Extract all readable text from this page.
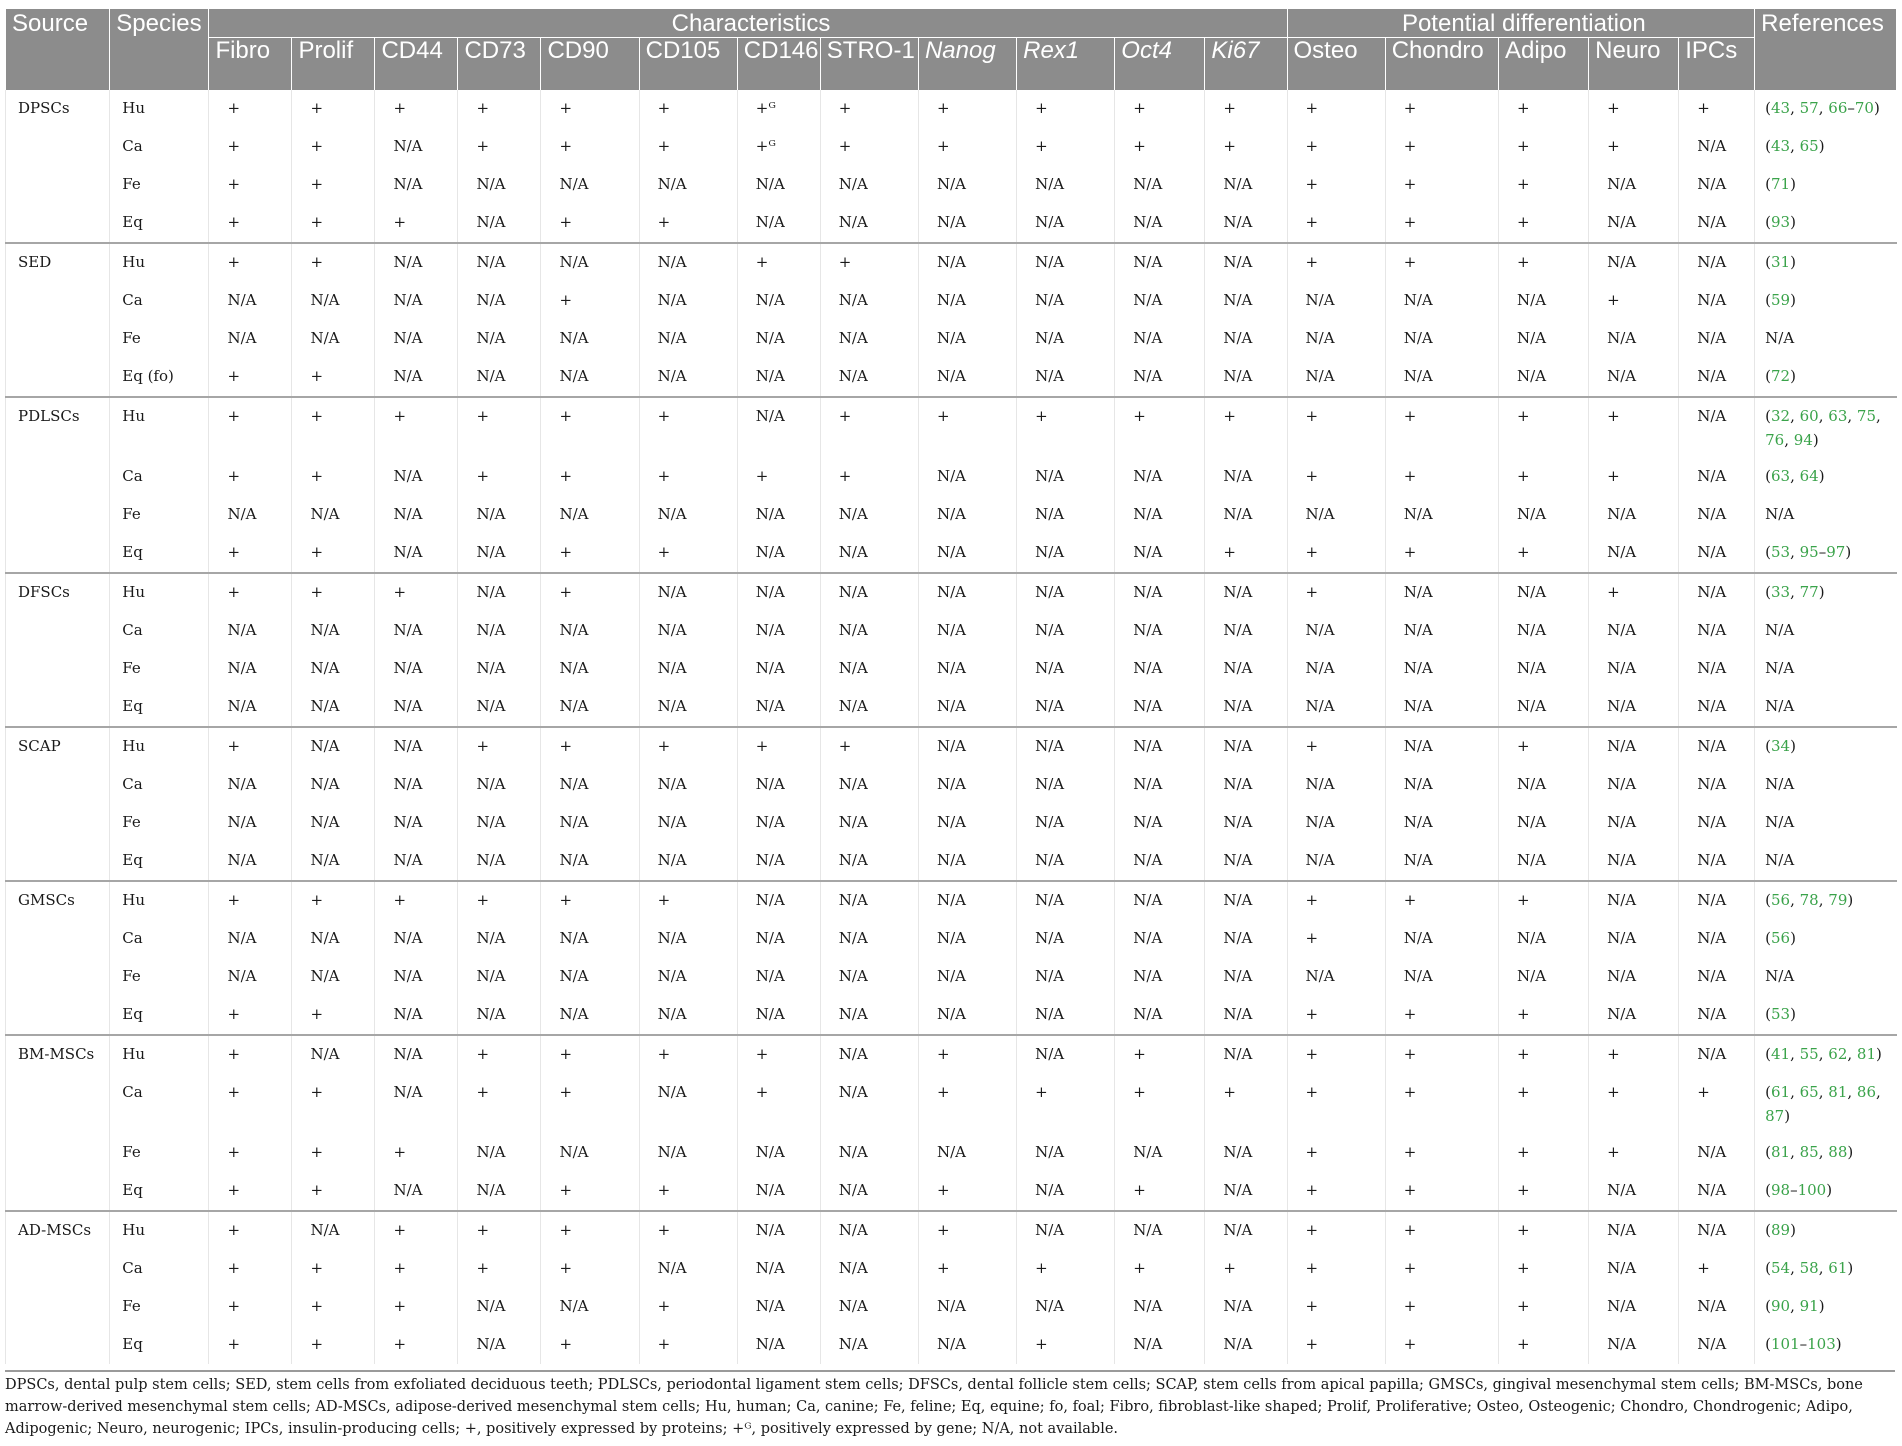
Source	Species	Characteristics												Potential differentiation					References
		Fibro	Prolif	CD44	CD73	CD90	CD105	CD146	STRO-1	Nanog	Rex1	Oct4	Ki67	Osteo	Chondro	Adipo	Neuro	IPCs	
DPSCs	Hu	+	+	+	+	+	+	+ᴳ	+	+	+	+	+	+	+	+	+	+	(43, 57, 66–70)
	Ca	+	+	N/A	+	+	+	+ᴳ	+	+	+	+	+	+	+	+	+	N/A	(43, 65)
	Fe	+	+	N/A	N/A	N/A	N/A	N/A	N/A	N/A	N/A	N/A	N/A	+	+	+	N/A	N/A	(71)
	Eq	+	+	+	N/A	+	+	N/A	N/A	N/A	N/A	N/A	N/A	+	+	+	N/A	N/A	(93)
SED	Hu	+	+	N/A	N/A	N/A	N/A	+	+	N/A	N/A	N/A	N/A	+	+	+	N/A	N/A	(31)
	Ca	N/A	N/A	N/A	N/A	+	N/A	N/A	N/A	N/A	N/A	N/A	N/A	N/A	N/A	N/A	+	N/A	(59)
	Fe	N/A	N/A	N/A	N/A	N/A	N/A	N/A	N/A	N/A	N/A	N/A	N/A	N/A	N/A	N/A	N/A	N/A	N/A
	Eq (fo)	+	+	N/A	N/A	N/A	N/A	N/A	N/A	N/A	N/A	N/A	N/A	N/A	N/A	N/A	N/A	N/A	(72)
PDLSCs	Hu	+	+	+	+	+	+	N/A	+	+	+	+	+	+	+	+	+	N/A	(32, 60, 63, 75, 76, 94)
	Ca	+	+	N/A	+	+	+	+	+	N/A	N/A	N/A	N/A	+	+	+	+	N/A	(63, 64)
	Fe	N/A	N/A	N/A	N/A	N/A	N/A	N/A	N/A	N/A	N/A	N/A	N/A	N/A	N/A	N/A	N/A	N/A	N/A
	Eq	+	+	N/A	N/A	+	+	N/A	N/A	N/A	N/A	N/A	+	+	+	+	N/A	N/A	(53, 95–97)
DFSCs	Hu	+	+	+	N/A	+	N/A	N/A	N/A	N/A	N/A	N/A	N/A	+	N/A	N/A	+	N/A	(33, 77)
	Ca	N/A	N/A	N/A	N/A	N/A	N/A	N/A	N/A	N/A	N/A	N/A	N/A	N/A	N/A	N/A	N/A	N/A	N/A
	Fe	N/A	N/A	N/A	N/A	N/A	N/A	N/A	N/A	N/A	N/A	N/A	N/A	N/A	N/A	N/A	N/A	N/A	N/A
	Eq	N/A	N/A	N/A	N/A	N/A	N/A	N/A	N/A	N/A	N/A	N/A	N/A	N/A	N/A	N/A	N/A	N/A	N/A
SCAP	Hu	+	N/A	N/A	+	+	+	+	+	N/A	N/A	N/A	N/A	+	N/A	+	N/A	N/A	(34)
	Ca	N/A	N/A	N/A	N/A	N/A	N/A	N/A	N/A	N/A	N/A	N/A	N/A	N/A	N/A	N/A	N/A	N/A	N/A
	Fe	N/A	N/A	N/A	N/A	N/A	N/A	N/A	N/A	N/A	N/A	N/A	N/A	N/A	N/A	N/A	N/A	N/A	N/A
	Eq	N/A	N/A	N/A	N/A	N/A	N/A	N/A	N/A	N/A	N/A	N/A	N/A	N/A	N/A	N/A	N/A	N/A	N/A
GMSCs	Hu	+	+	+	+	+	+	N/A	N/A	N/A	N/A	N/A	N/A	+	+	+	N/A	N/A	(56, 78, 79)
	Ca	N/A	N/A	N/A	N/A	N/A	N/A	N/A	N/A	N/A	N/A	N/A	N/A	+	N/A	N/A	N/A	N/A	(56)
	Fe	N/A	N/A	N/A	N/A	N/A	N/A	N/A	N/A	N/A	N/A	N/A	N/A	N/A	N/A	N/A	N/A	N/A	N/A
	Eq	+	+	N/A	N/A	N/A	N/A	N/A	N/A	N/A	N/A	N/A	N/A	+	+	+	N/A	N/A	(53)
BM-MSCs	Hu	+	N/A	N/A	+	+	+	+	N/A	+	N/A	+	N/A	+	+	+	+	N/A	(41, 55, 62, 81)
	Ca	+	+	N/A	+	+	N/A	+	N/A	+	+	+	+	+	+	+	+	+	(61, 65, 81, 86, 87)
	Fe	+	+	+	N/A	N/A	N/A	N/A	N/A	N/A	N/A	N/A	N/A	+	+	+	+	N/A	(81, 85, 88)
	Eq	+	+	N/A	N/A	+	+	N/A	N/A	+	N/A	+	N/A	+	+	+	N/A	N/A	(98–100)
AD-MSCs	Hu	+	N/A	+	+	+	+	N/A	N/A	+	N/A	N/A	N/A	+	+	+	N/A	N/A	(89)
	Ca	+	+	+	+	+	N/A	N/A	N/A	+	+	+	+	+	+	+	N/A	+	(54, 58, 61)
	Fe	+	+	+	N/A	N/A	+	N/A	N/A	N/A	N/A	N/A	N/A	+	+	+	N/A	N/A	(90, 91)
	Eq	+	+	+	N/A	+	+	N/A	N/A	N/A	+	N/A	N/A	+	+	+	N/A	N/A	(101–103)
DPSCs, dental pulp stem cells; SED, stem cells from exfoliated deciduous teeth; PDLSCs, periodontal ligament stem cells; DFSCs, dental follicle stem cells; SCAP, stem cells from apical papilla; GMSCs, gingival mesenchymal stem cells; BM-MSCs, bone marrow-derived mesenchymal stem cells; AD-MSCs, adipose-derived mesenchymal stem cells; Hu, human; Ca, canine; Fe, feline; Eq, equine; fo, foal; Fibro, fibroblast-like shaped; Prolif, Proliferative; Osteo, Osteogenic; Chondro, Chondrogenic; Adipo, Adipogenic; Neuro, neurogenic; IPCs, insulin-producing cells; +, positively expressed by proteins; +ᴳ, positively expressed by gene; N/A, not available.
